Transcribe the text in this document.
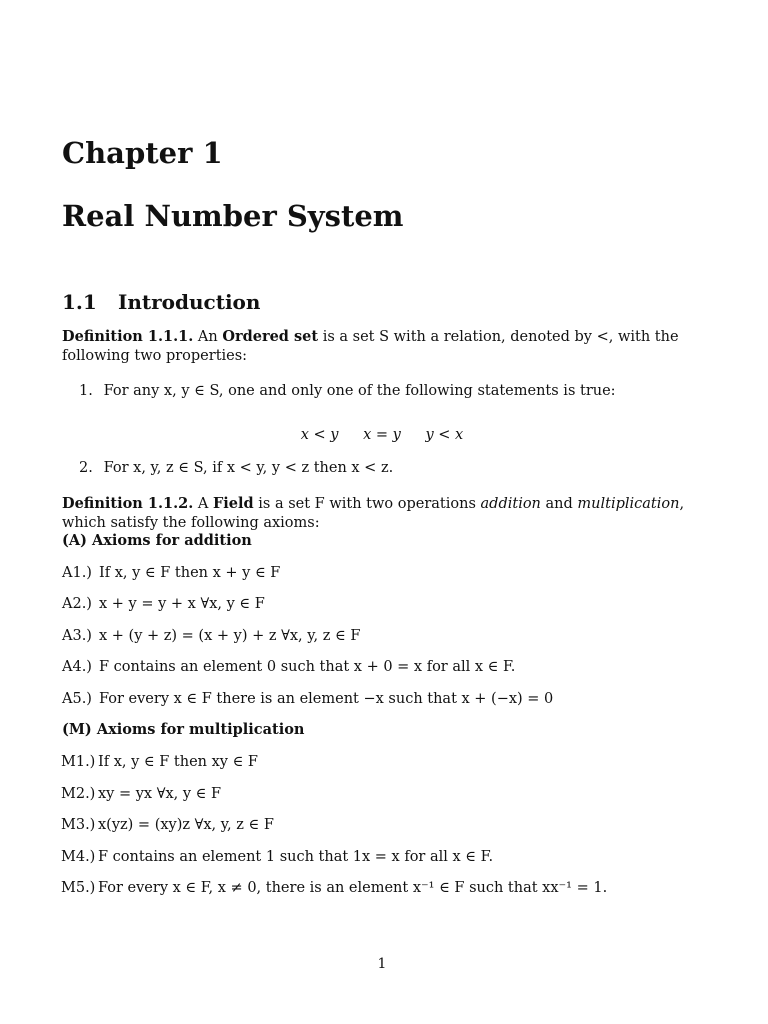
Chapter 1
Real Number System
1.1 Introduction

Definition 1.1.1. An Ordered set is a set S with a relation, denoted by <, with the following two properties:

1. For any x, y ∈ S, one and only one of the following statements is true:
x < y x = y y < x
2. For x, y, z ∈ S, if x < y, y < z then x < z.

Definition 1.1.2. A Field is a set F with two operations addition and multiplication, which satisfy the following axioms:

(A) Axioms for addition
A1.) If x, y ∈ F then x + y ∈ F
A2.) x + y = y + x ∀x, y ∈ F
A3.) x + (y + z) = (x + y) + z ∀x, y, z ∈ F
A4.) F contains an element 0 such that x + 0 = x for all x ∈ F.
A5.) For every x ∈ F there is an element −x such that x + (−x) = 0
(M) Axioms for multiplication
M1.) If x, y ∈ F then xy ∈ F
M2.) xy = yx ∀x, y ∈ F
M3.) x(yz) = (xy)z ∀x, y, z ∈ F
M4.) F contains an element 1 such that 1x = x for all x ∈ F.
M5.) For every x ∈ F, x ≠ 0, there is an element x⁻¹ ∈ F such that xx⁻¹ = 1.
1
